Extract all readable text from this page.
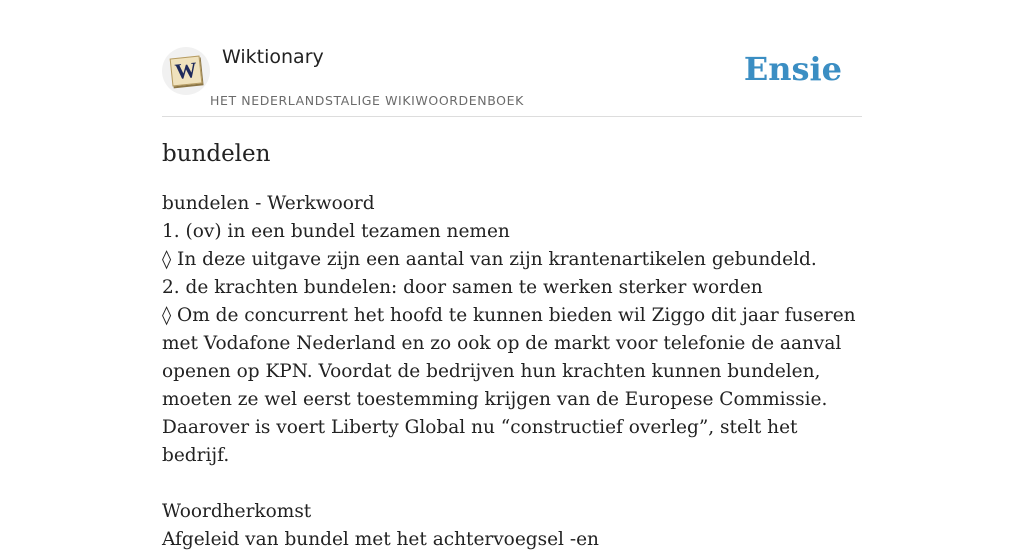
W Wiktionary
HET NEDERLANDSTALIGE WIKIWOORDENBOEK
Ensie
bundelen
bundelen - Werkwoord
1. (ov) in een bundel tezamen nemen
◊ In deze uitgave zijn een aantal van zijn krantenartikelen gebundeld.
2. de krachten bundelen: door samen te werken sterker worden
◊ Om de concurrent het hoofd te kunnen bieden wil Ziggo dit jaar fuseren met Vodafone Nederland en zo ook op de markt voor telefonie de aanval openen op KPN. Voordat de bedrijven hun krachten kunnen bundelen, moeten ze wel eerst toestemming krijgen van de Europese Commissie. Daarover is voert Liberty Global nu “constructief overleg”, stelt het bedrijf.
Woordherkomst
Afgeleid van bundel met het achtervoegsel -en
